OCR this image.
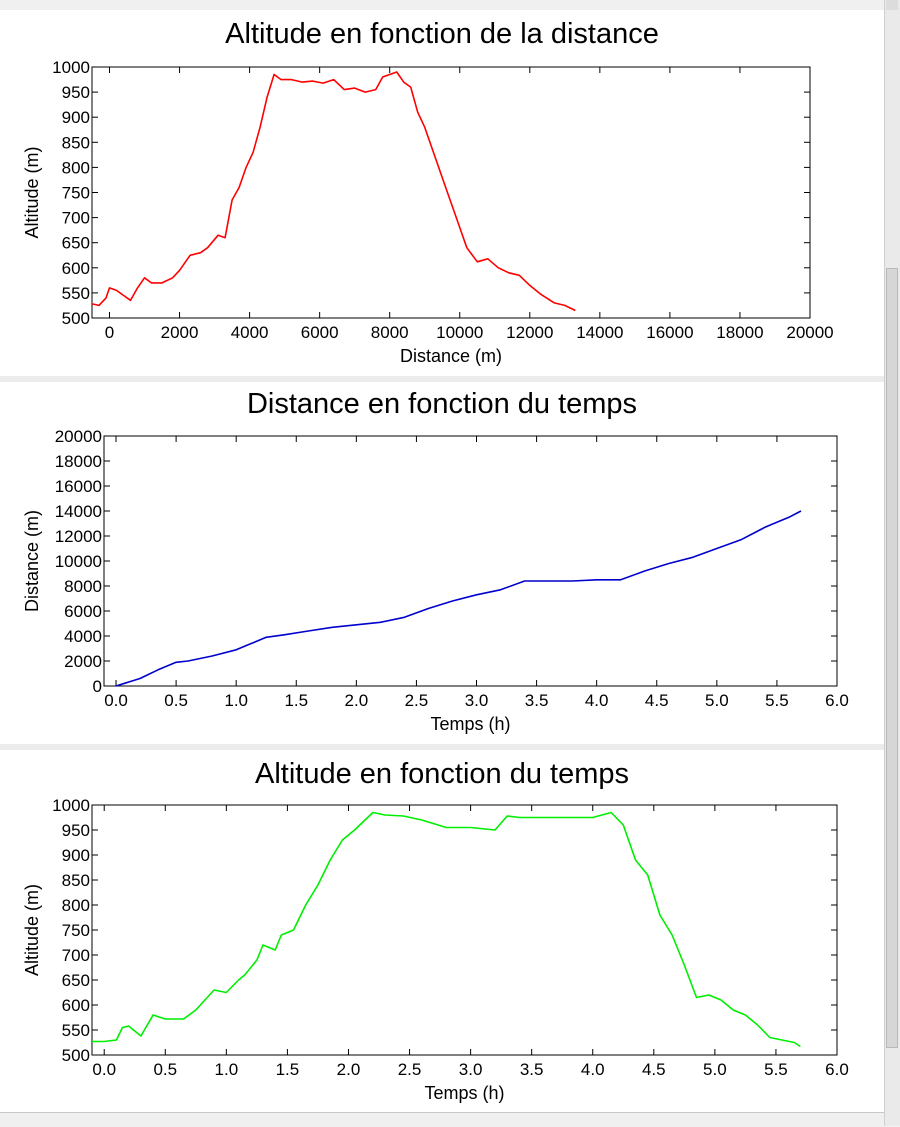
Altitude en fonction de la distance
500
550
600
650
700
750
800
850
900
950
1000
0	2000 4000 6000 8000 10000 12000 14000 16000 18000 20000
Distance (m)
Altitude (m)
Distance en fonction du temps
0
2000
4000
6000
8000
10000
12000
14000
16000
18000
20000
0.0 0.5 1.0 1.5 2.0 2.5 3.0 3.5 4.0 4.5 5.0 5.5 6.0
Temps (h)
Distance (m)
Altitude en fonction du temps
500
550
600
650
700
750
800
850
900
950
1000
0.0 0.5 1.0 1.5 2.0 2.5 3.0 3.5 4.0 4.5 5.0 5.5 6.0
Temps (h)
Altitude (m)
